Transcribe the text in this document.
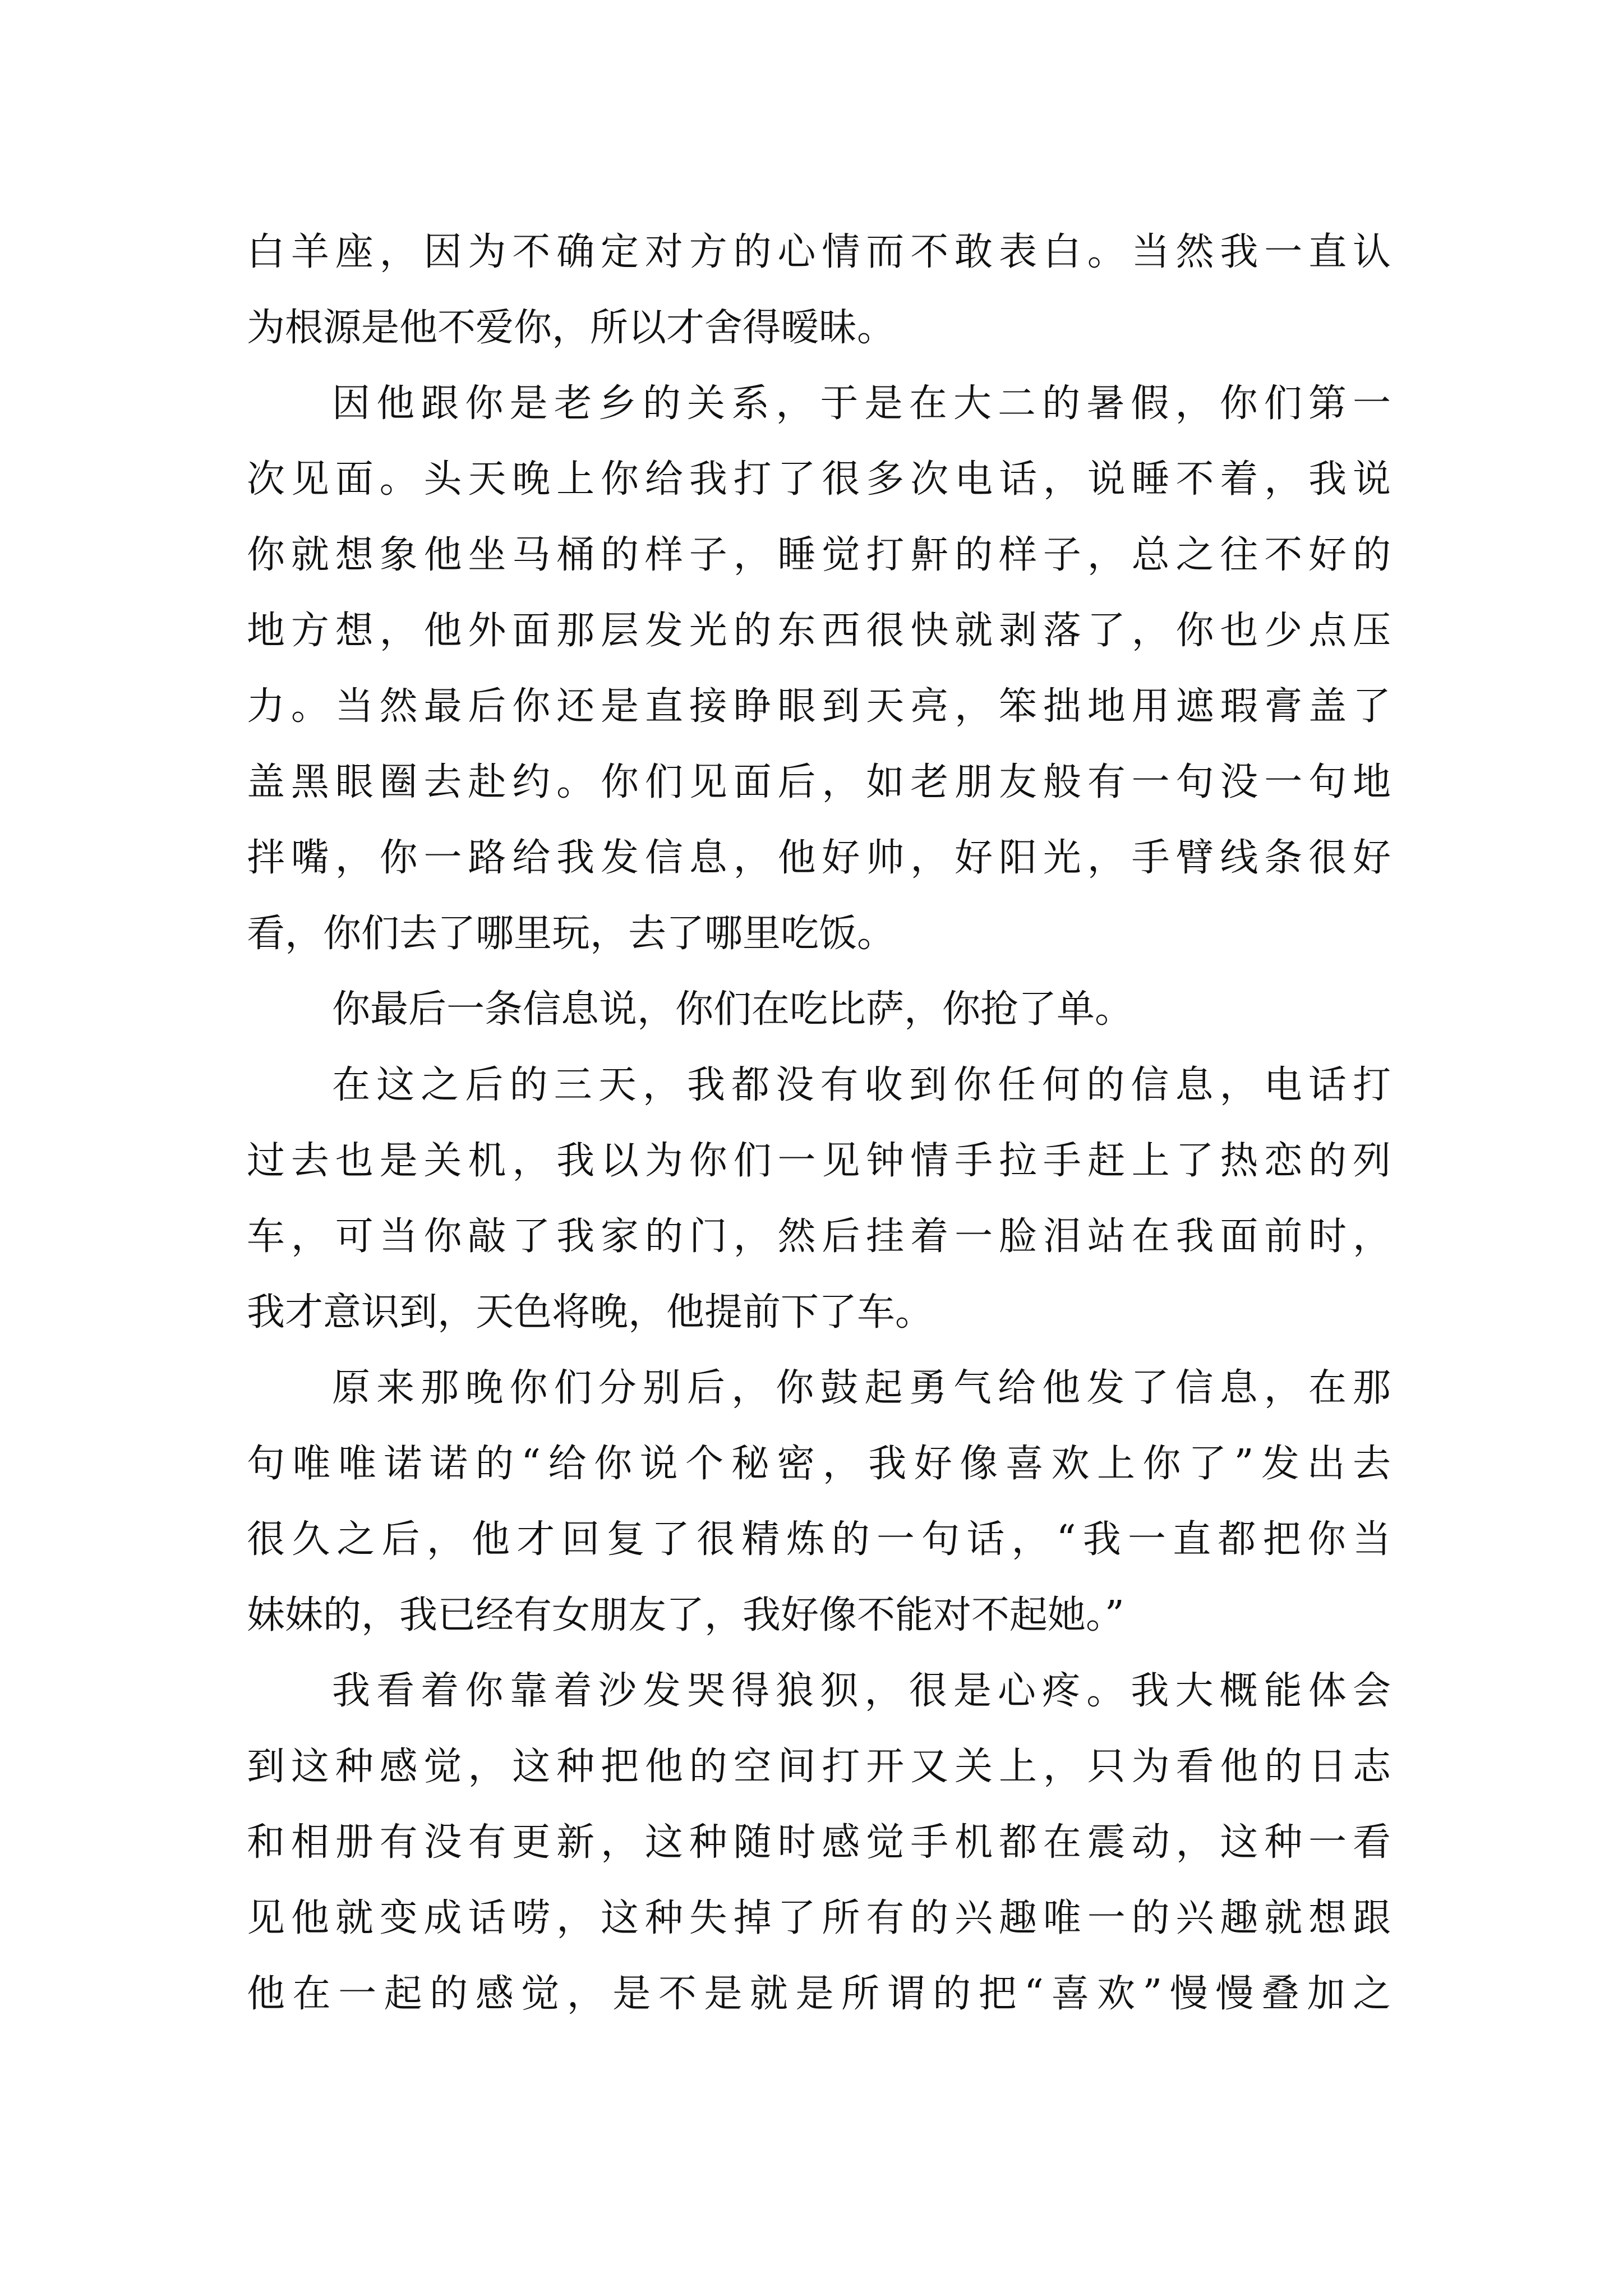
白羊座，因为不确定对方的心情而不敢表白。当然我一直认
为根源是他不爱你，所以才舍得暧昧。
因他跟你是老乡的关系，于是在大二的暑假，你们第一
次见面。头天晚上你给我打了很多次电话，说睡不着，我说
你就想象他坐马桶的样子，睡觉打鼾的样子，总之往不好的
地方想，他外面那层发光的东西很快就剥落了，你也少点压
力。当然最后你还是直接睁眼到天亮，笨拙地用遮瑕膏盖了
盖黑眼圈去赴约。你们见面后，如老朋友般有一句没一句地
拌嘴，你一路给我发信息，他好帅，好阳光，手臂线条很好
看，你们去了哪里玩，去了哪里吃饭。
你最后一条信息说，你们在吃比萨，你抢了单。
在这之后的三天，我都没有收到你任何的信息，电话打
过去也是关机，我以为你们一见钟情手拉手赶上了热恋的列
车，可当你敲了我家的门，然后挂着一脸泪站在我面前时，
我才意识到，天色将晚，他提前下了车。
原来那晚你们分别后，你鼓起勇气给他发了信息，在那
句唯唯诺诺的“给你说个秘密，我好像喜欢上你了”发出去
很久之后，他才回复了很精炼的一句话，“我一直都把你当
妹妹的，我已经有女朋友了，我好像不能对不起她。”
我看着你靠着沙发哭得狼狈，很是心疼。我大概能体会
到这种感觉，这种把他的空间打开又关上，只为看他的日志
和相册有没有更新，这种随时感觉手机都在震动，这种一看
见他就变成话唠，这种失掉了所有的兴趣唯一的兴趣就想跟
他在一起的感觉，是不是就是所谓的把“喜欢”慢慢叠加之
